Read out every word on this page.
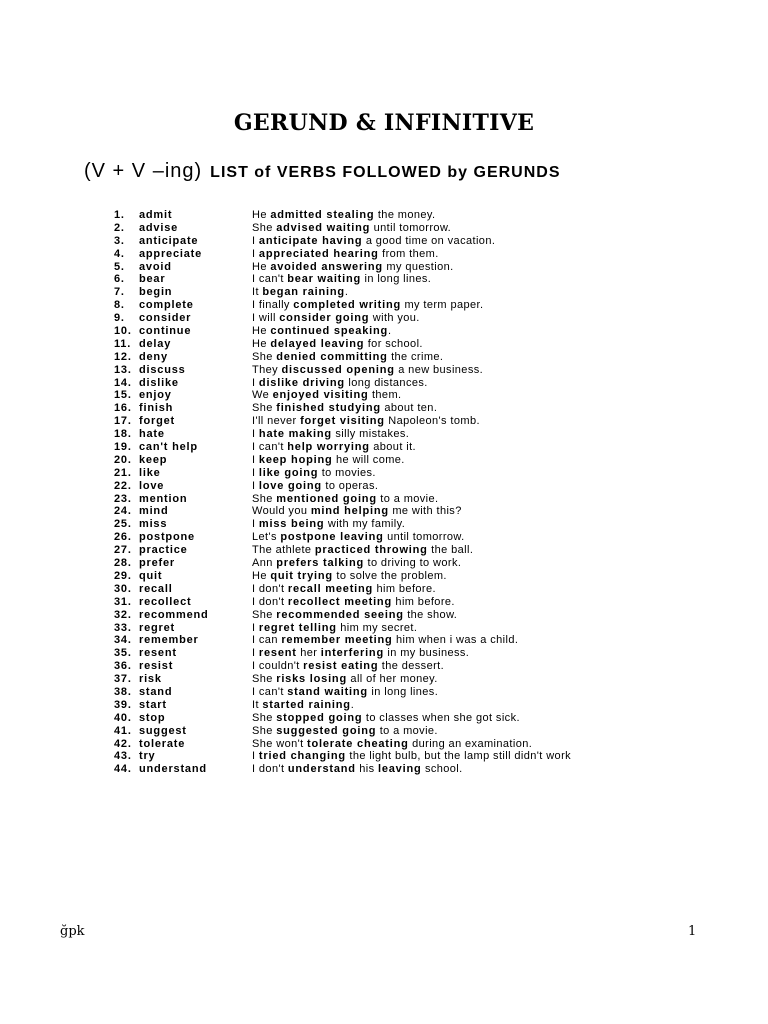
GERUND & INFINITIVE
(V + V –ing) LIST of VERBS FOLLOWED by GERUNDS
1.	admit	He admitted stealing the money.
2.	advise	She advised waiting until tomorrow.
3.	anticipate	I anticipate having a good time on vacation.
4.	appreciate	I appreciated hearing from them.
5.	avoid	He avoided answering my question.
6.	bear	I can't bear waiting in long lines.
7.	begin	It began raining.
8.	complete	I finally completed writing my term paper.
9.	consider	I will consider going with you.
10. continue	He continued speaking.
11. delay	He delayed leaving for school.
12. deny	She denied committing the crime.
13. discuss	They discussed opening a new business.
14. dislike	I dislike driving long distances.
15. enjoy	We enjoyed visiting them.
16. finish	She finished studying about ten.
17. forget	I'll never forget visiting Napoleon's tomb.
18. hate	I hate making silly mistakes.
19. can't help	I can't help worrying about it.
20. keep	I keep hoping he will come.
21. like	I like going to movies.
22. love	I love going to operas.
23. mention	She mentioned going to a movie.
24. mind	Would you mind helping me with this?
25. miss	I miss being with my family.
26. postpone	Let's postpone leaving until tomorrow.
27. practice	The athlete practiced throwing the ball.
28. prefer	Ann prefers talking to driving to work.
29. quit	He quit trying to solve the problem.
30. recall	I don't recall meeting him before.
31. recollect	I don't recollect meeting him before.
32. recommend	She recommended seeing the show.
33. regret	I regret telling him my secret.
34. remember	I can remember meeting him when i was a child.
35. resent	I resent her interfering in my business.
36. resist	I couldn't resist eating the dessert.
37. risk	She risks losing all of her money.
38. stand	I can't stand waiting in long lines.
39. start	It started raining.
40. stop	She stopped going to classes when she got sick.
41. suggest	She suggested going to a movie.
42. tolerate	She won't tolerate cheating during an examination.
43. try	I tried changing the light bulb, but the lamp still didn't work
44. understand	I don't understand his leaving school.
ğpk	1
